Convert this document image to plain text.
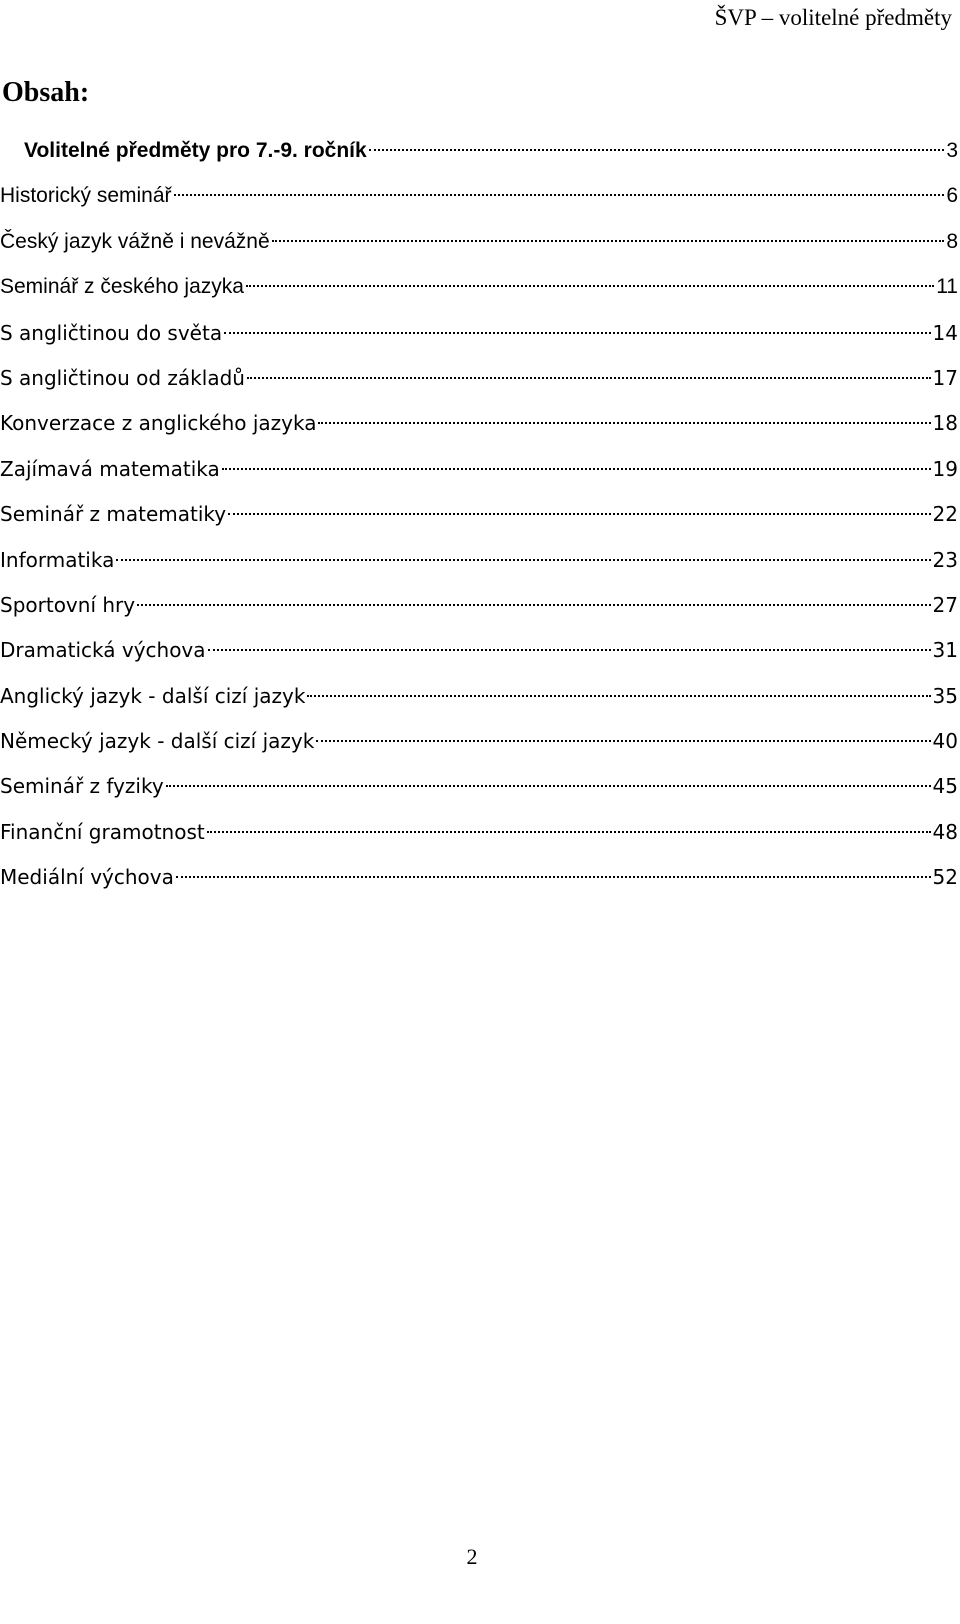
ŠVP – volitelné předměty
Obsah:
Volitelné předměty pro 7.-9. ročník	3
Historický seminář	6
Český jazyk vážně i nevážně	8
Seminář z českého jazyka	11
S angličtinou do světa	14
S angličtinou od základů	17
Konverzace z anglického jazyka	18
Zajímavá matematika	19
Seminář z matematiky	22
Informatika	23
Sportovní hry	27
Dramatická výchova	31
Anglický jazyk - další cizí jazyk	35
Německý jazyk - další cizí jazyk	40
Seminář z fyziky	45
Finanční gramotnost	48
Mediální výchova	52
2
